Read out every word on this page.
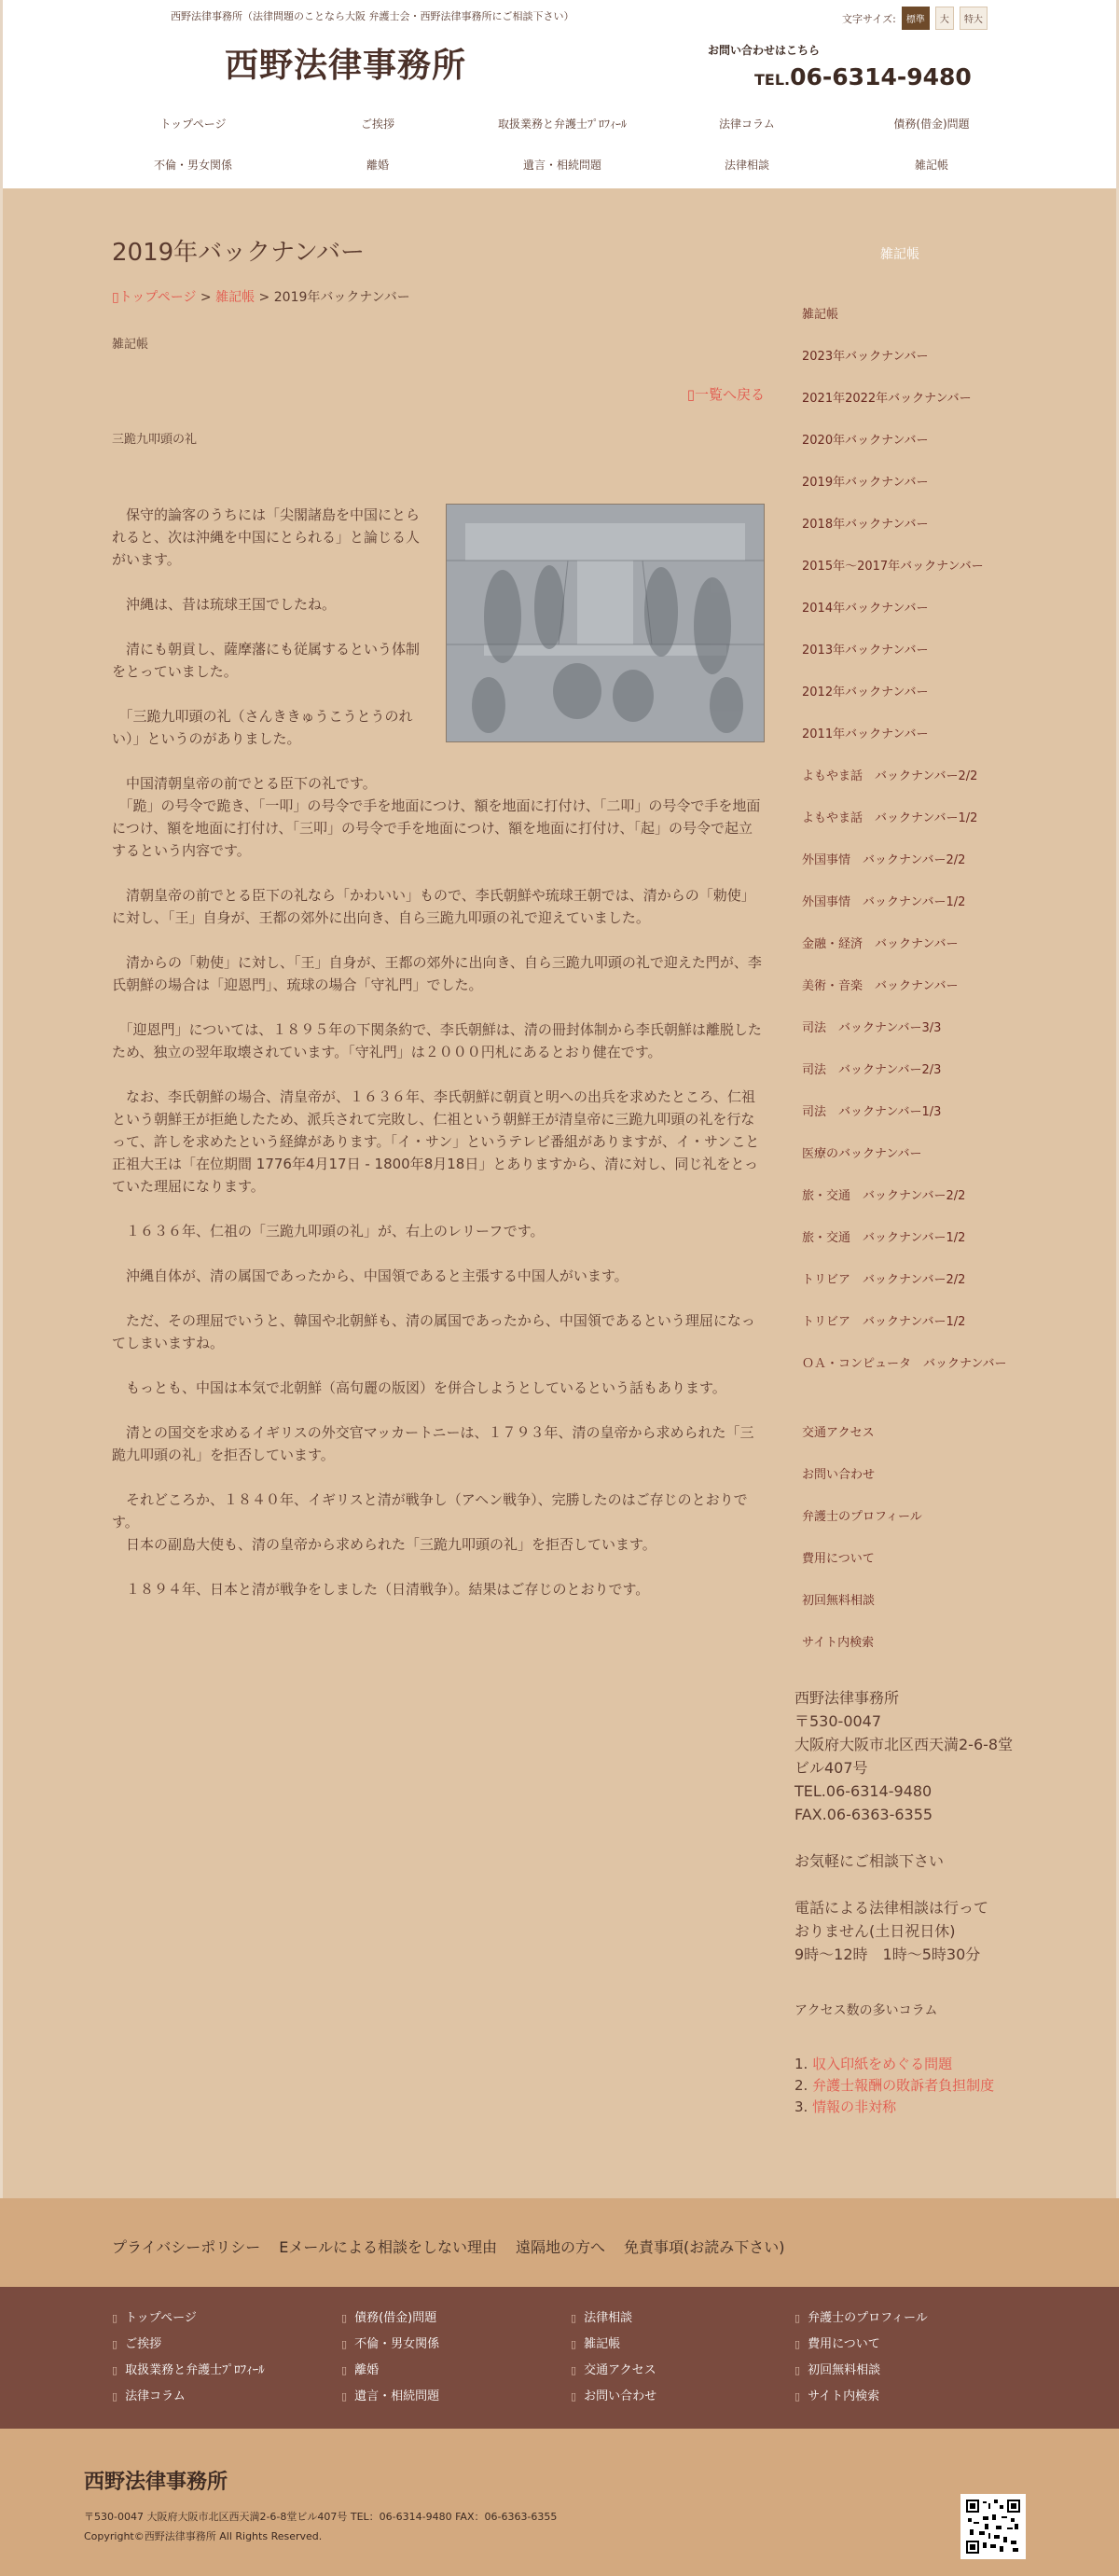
西野法律事務所（法律問題のことなら大阪 弁護士会・西野法律事務所にご相談下さい）	文字サイズ:	標準	大	特大
西野法律事務所	お問い合わせはこちら
TEL.06-6314-9480
トップページ	ご挨拶	取扱業務と弁護士ﾌﾟﾛﾌｨｰﾙ	法律コラム	債務(借金)問題
不倫・男女関係	離婚	遺言・相続問題	法律相談	雑記帳
2019年バックナンバー
▯トップページ > 雑記帳 > 2019年バックナンバー
雑記帳
▯一覧へ戻る
三跪九叩頭の礼

　保守的論客のうちには「尖閣諸島を中国にとられると、次は沖縄を中国にとられる」と論じる人がいます。

　沖縄は、昔は琉球王国でしたね。

　清にも朝貢し、薩摩藩にも従属するという体制をとっていました。

　「三跪九叩頭の礼（さんききゅうこうとうのれい）」というのがありました。

　中国清朝皇帝の前でとる臣下の礼です。
　「跪」の号令で跪き、「一叩」の号令で手を地面につけ、額を地面に打付け、「二叩」の号令で手を地面につけ、額を地面に打付け、「三叩」の号令で手を地面につけ、額を地面に打付け、「起」の号令で起立するという内容です。

　清朝皇帝の前でとる臣下の礼なら「かわいい」もので、李氏朝鮮や琉球王朝では、清からの「勅使」に対し、「王」自身が、王都の郊外に出向き、自ら三跪九叩頭の礼で迎えていました。

　清からの「勅使」に対し、「王」自身が、王都の郊外に出向き、自ら三跪九叩頭の礼で迎えた門が、李氏朝鮮の場合は「迎恩門」、琉球の場合「守礼門」でした。

　「迎恩門」については、１８９５年の下関条約で、李氏朝鮮は、清の冊封体制から李氏朝鮮は離脱したため、独立の翌年取壊されています。「守礼門」は２０００円札にあるとおり健在です。

　なお、李氏朝鮮の場合、清皇帝が、１６３６年、李氏朝鮮に朝貢と明への出兵を求めたところ、仁祖という朝鮮王が拒絶したため、派兵されて完敗し、仁祖という朝鮮王が清皇帝に三跪九叩頭の礼を行なって、許しを求めたという経緯があります。「イ・サン」というテレビ番組がありますが、イ・サンこと正祖大王は「在位期間 1776年4月17日 - 1800年8月18日」とありますから、清に対し、同じ礼をとっていた理屈になります。

　１６３６年、仁祖の「三跪九叩頭の礼」が、右上のレリーフです。

　沖縄自体が、清の属国であったから、中国領であると主張する中国人がいます。

　ただ、その理屈でいうと、韓国や北朝鮮も、清の属国であったから、中国領であるという理屈になってしまいますね。

　もっとも、中国は本気で北朝鮮（高句麗の版図）を併合しようとしているという話もあります。

　清との国交を求めるイギリスの外交官マッカートニーは、１７９３年、清の皇帝から求められた「三跪九叩頭の礼」を拒否しています。

　それどころか、１８４０年、イギリスと清が戦争し（アヘン戦争）、完勝したのはご存じのとおりです。
　日本の副島大使も、清の皇帝から求められた「三跪九叩頭の礼」を拒否しています。

　１８９４年、日本と清が戦争をしました（日清戦争）。結果はご存じのとおりです。

雑記帳
雑記帳
2023年バックナンバー
2021年2022年バックナンバー
2020年バックナンバー
2019年バックナンバー
2018年バックナンバー
2015年〜2017年バックナンバー
2014年バックナンバー
2013年バックナンバー
2012年バックナンバー
2011年バックナンバー
よもやま話　バックナンバー2/2
よもやま話　バックナンバー1/2
外国事情　バックナンバー2/2
外国事情　バックナンバー1/2
金融・経済　バックナンバー
美術・音楽　バックナンバー
司法　バックナンバー3/3
司法　バックナンバー2/3
司法　バックナンバー1/3
医療のバックナンバー
旅・交通　バックナンバー2/2
旅・交通　バックナンバー1/2
トリビア　バックナンバー2/2
トリビア　バックナンバー1/2
ＯＡ・コンピュータ　バックナンバー
交通アクセス
お問い合わせ
弁護士のプロフィール
費用について
初回無料相談
サイト内検索
西野法律事務所
〒530-0047
大阪府大阪市北区西天満2-6-8堂
ビル407号
TEL.06-6314-9480
FAX.06-6363-6355
お気軽にご相談下さい
電話による法律相談は行って
おりません(土日祝日休)
9時〜12時　1時〜5時30分
アクセス数の多いコラム
1. 収入印紙をめぐる問題
2. 弁護士報酬の敗訴者負担制度
3. 情報の非対称
プライバシーポリシー Eメールによる相談をしない理由 遠隔地の方へ 免責事項(お読み下さい)
▯ トップページ
▯ ご挨拶
▯ 取扱業務と弁護士ﾌﾟﾛﾌｨｰﾙ
▯ 法律コラム
▯ 債務(借金)問題
▯ 不倫・男女関係
▯ 離婚
▯ 遺言・相続問題
▯ 法律相談
▯ 雑記帳
▯ 交通アクセス
▯ お問い合わせ
▯ 弁護士のプロフィール
▯ 費用について
▯ 初回無料相談
▯ サイト内検索
西野法律事務所
〒530-0047 大阪府大阪市北区西天満2-6-8堂ビル407号 TEL：06-6314-9480 FAX：06-6363-6355
Copyright©西野法律事務所 All Rights Reserved.
